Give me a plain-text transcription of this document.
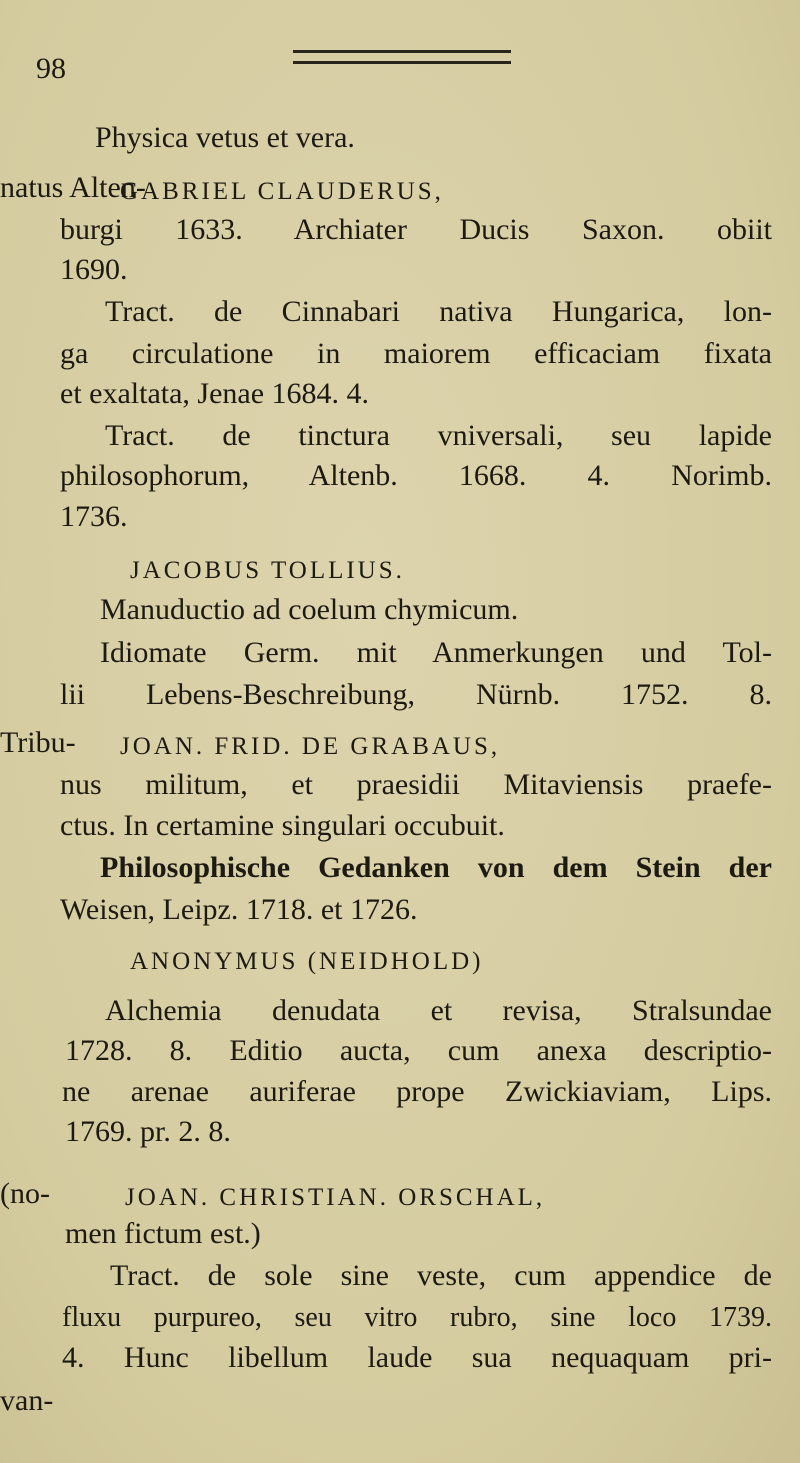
98
Physica vetus et vera.
GABRIEL CLAUDERUS,
natus Alten-
burgi 1633. Archiater Ducis Saxon. obiit
1690.
Tract. de Cinnabari nativa Hungarica, lon-
ga circulatione in maiorem efficaciam fixata
et exaltata, Jenae 1684. 4.
Tract. de tinctura vniversali, seu lapide
philosophorum, Altenb. 1668. 4. Norimb.
1736.
JACOBUS TOLLIUS.
Manuductio ad coelum chymicum.
Idiomate Germ. mit Anmerkungen und Tol-
lii Lebens-Beschreibung, Nürnb. 1752. 8.
JOAN. FRID. DE GRABAUS,
Tribu-
nus militum, et praesidii Mitaviensis praefe-
ctus. In certamine singulari occubuit.
Philosophische Gedanken von dem Stein der
Weisen, Leipz. 1718. et 1726.
ANONYMUS (NEIDHOLD)
Alchemia denudata et revisa, Stralsundae
1728. 8. Editio aucta, cum anexa descriptio-
ne arenae auriferae prope Zwickiaviam, Lips.
1769. pr. 2. 8.
JOAN. CHRISTIAN. ORSCHAL,
(no-
men fictum est.)
Tract. de sole sine veste, cum appendice de
fluxu purpureo, seu vitro rubro, sine loco 1739.
4. Hunc libellum laude sua nequaquam pri-
van-
